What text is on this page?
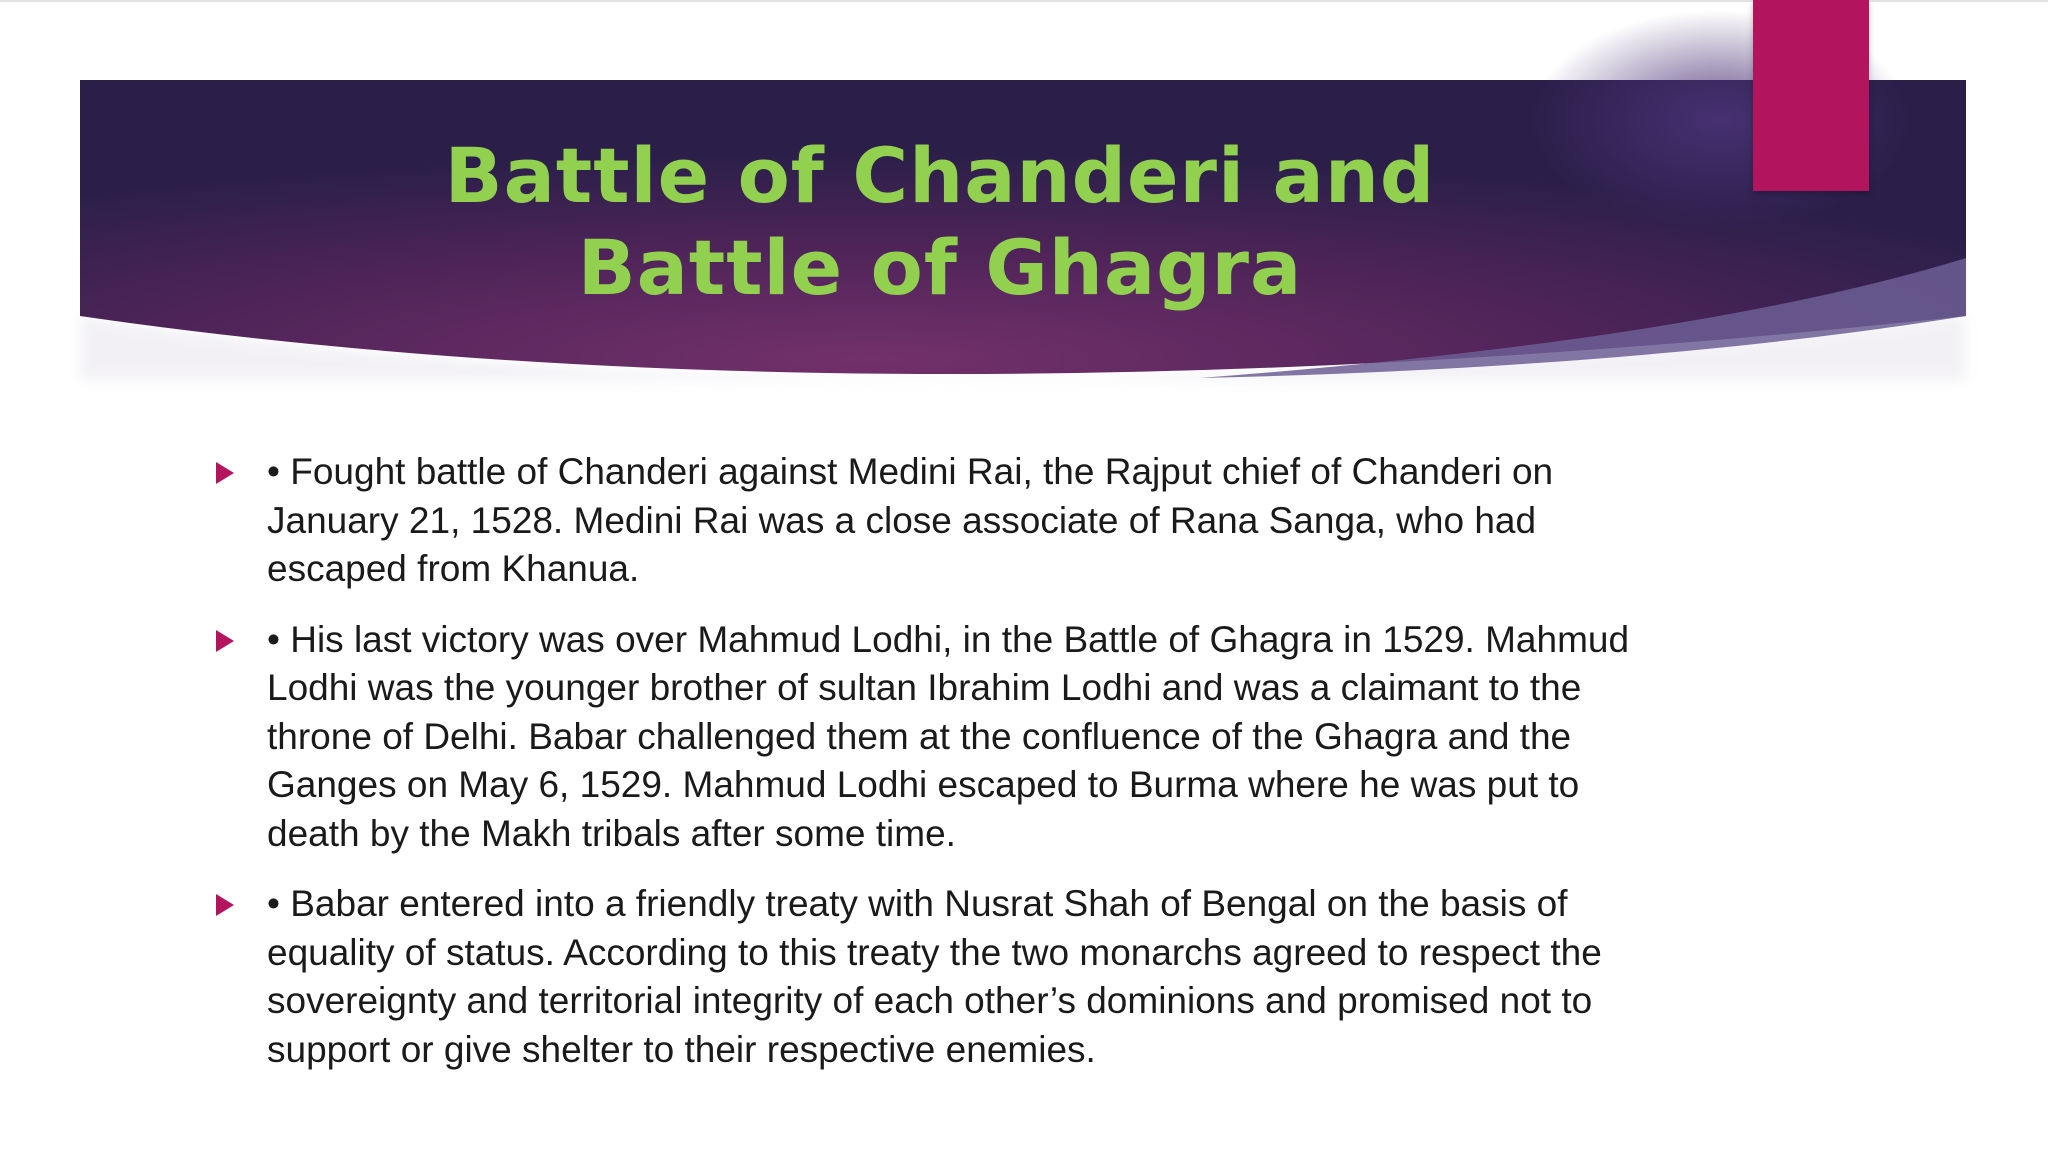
Battle of Chanderi and
Battle of Ghagra
• Fought battle of Chanderi against Medini Rai, the Rajput chief of Chanderi on January 21, 1528. Medini Rai was a close associate of Rana Sanga, who had escaped from Khanua.
• His last victory was over Mahmud Lodhi, in the Battle of Ghagra in 1529. Mahmud Lodhi was the younger brother of sultan Ibrahim Lodhi and was a claimant to the throne of Delhi. Babar challenged them at the confluence of the Ghagra and the Ganges on May 6, 1529. Mahmud Lodhi escaped to Burma where he was put to death by the Makh tribals after some time.
• Babar entered into a friendly treaty with Nusrat Shah of Bengal on the basis of equality of status. According to this treaty the two monarchs agreed to respect the sovereignty and territorial integrity of each other’s dominions and promised not to support or give shelter to their respective enemies.
